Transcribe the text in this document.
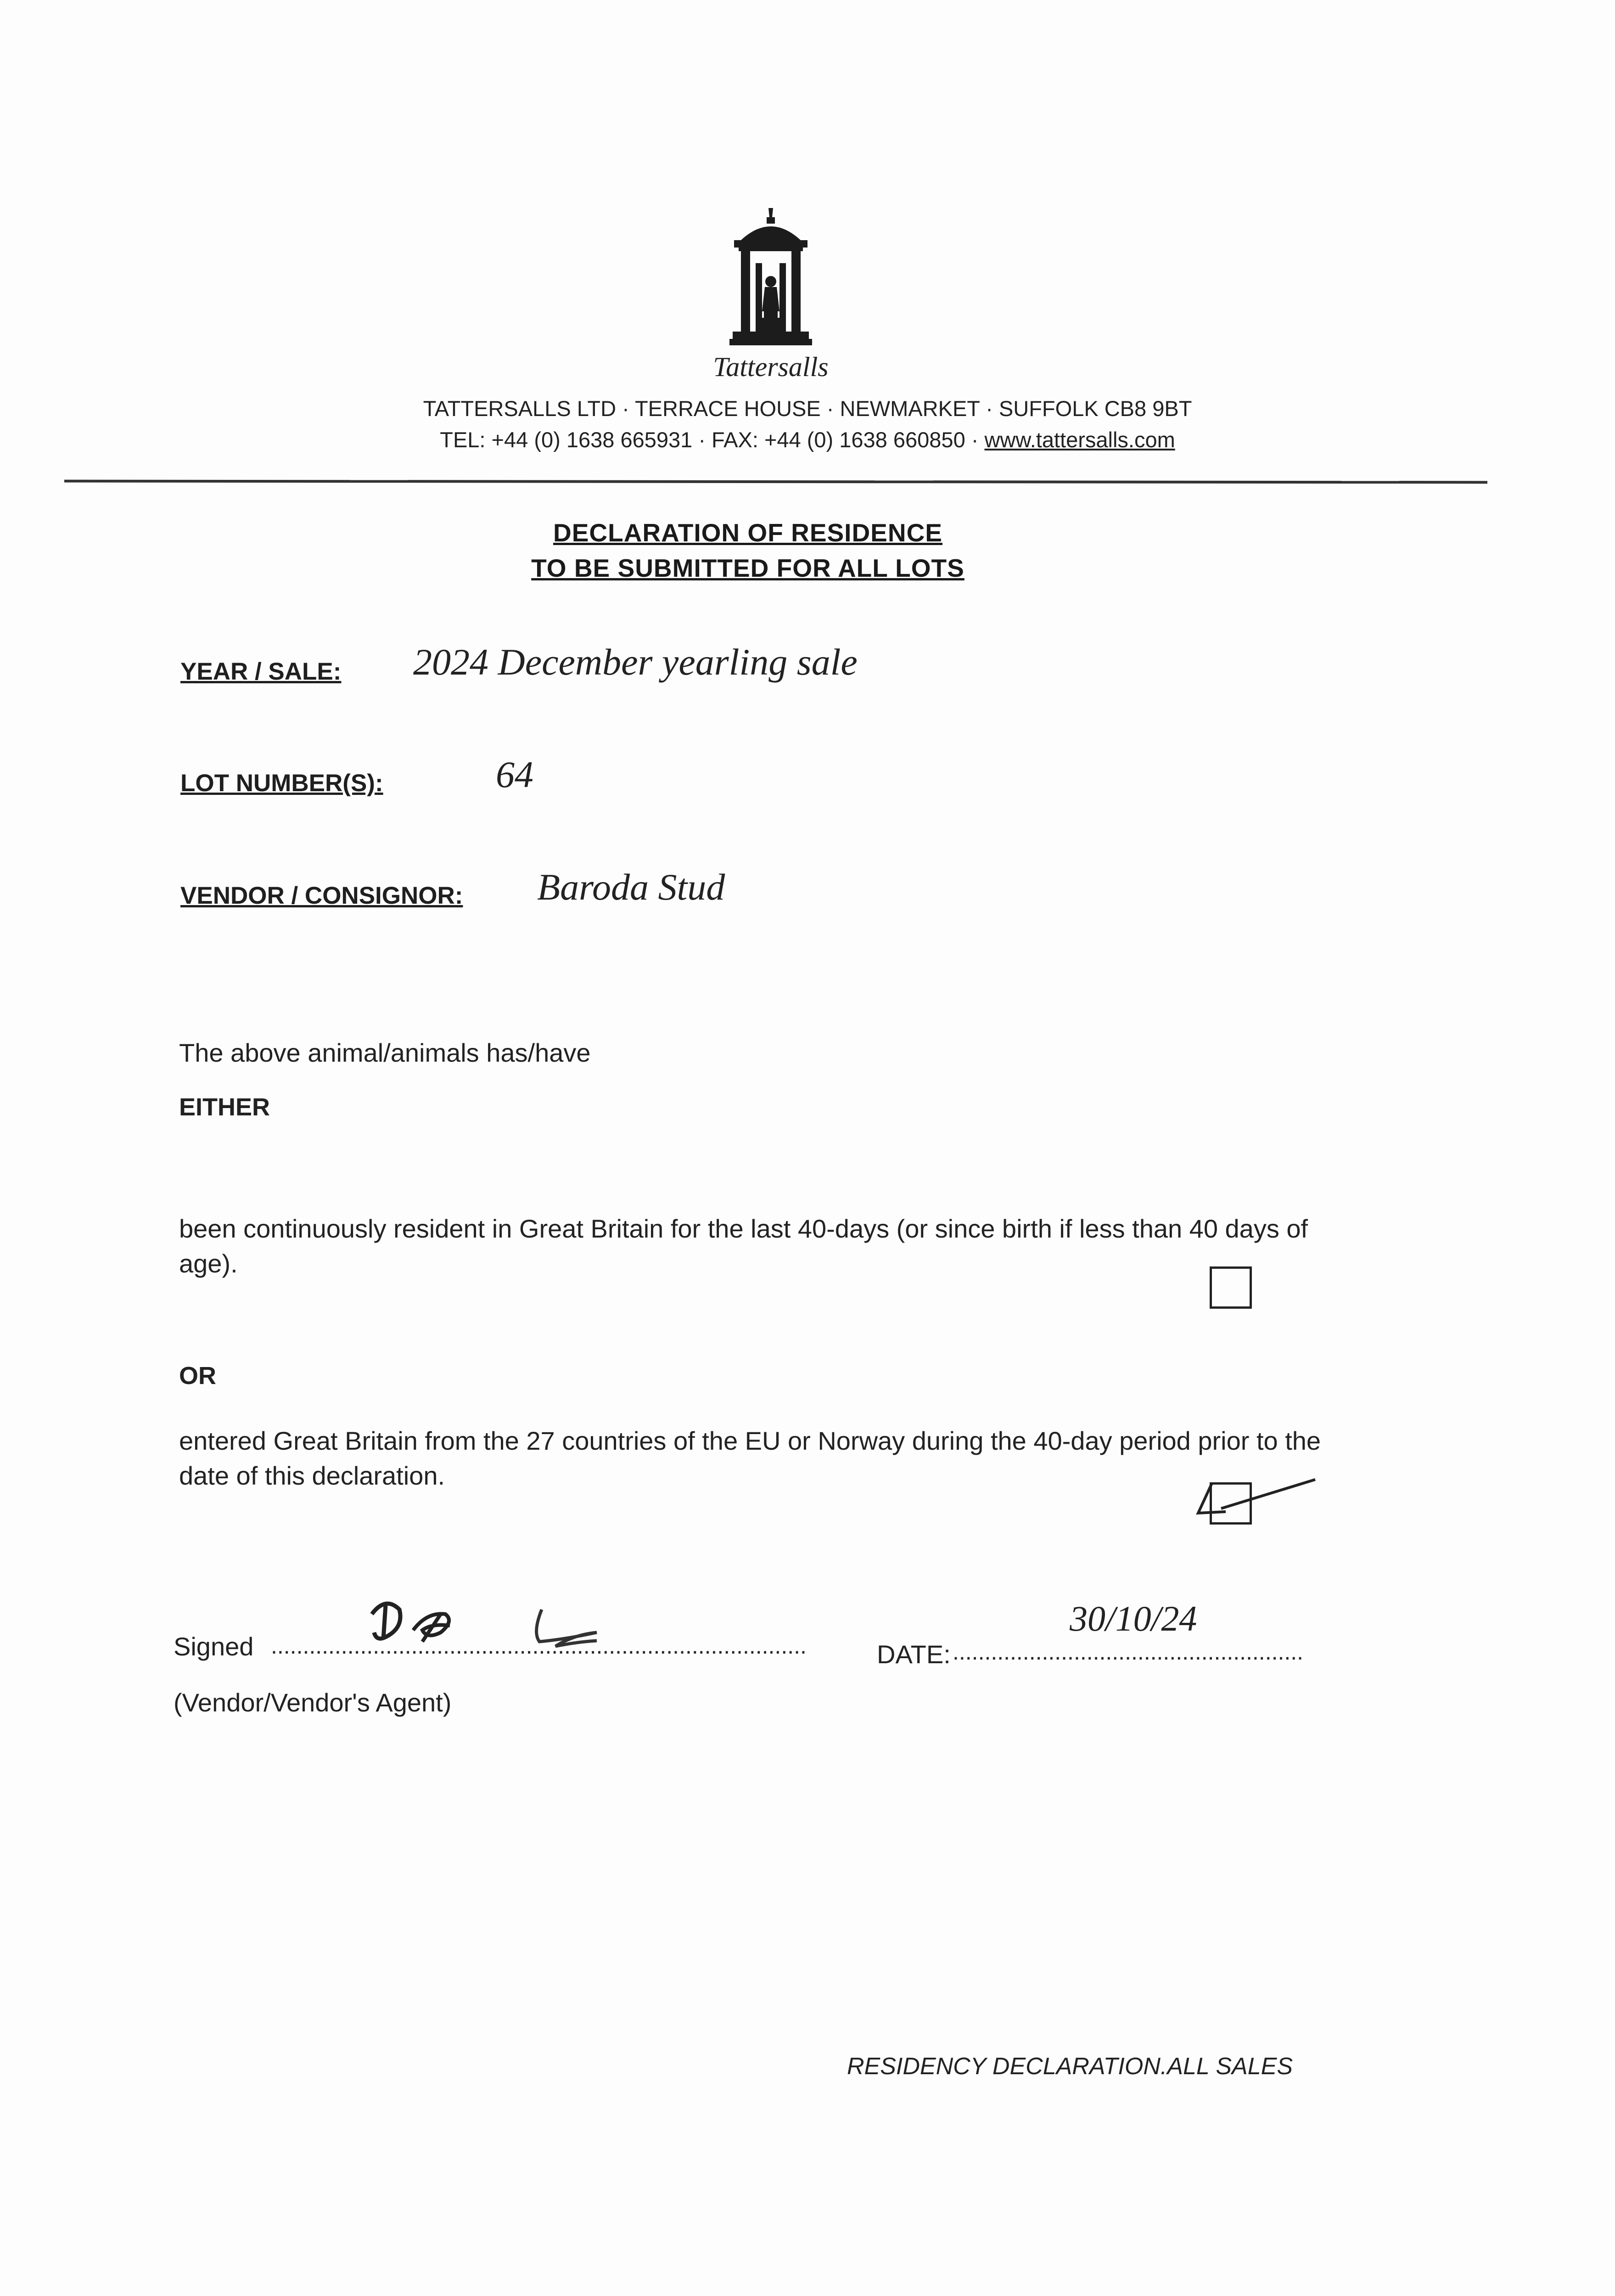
Tattersalls
TATTERSALLS LTD · TERRACE HOUSE · NEWMARKET · SUFFOLK CB8 9BT
TEL: +44 (0) 1638 665931 · FAX: +44 (0) 1638 660850 · www.tattersalls.com
DECLARATION OF RESIDENCE
TO BE SUBMITTED FOR ALL LOTS
YEAR / SALE: 2024 December yearling sale
LOT NUMBER(S):	64
VENDOR / CONSIGNOR: Baroda Stud
The above animal/animals has/have
EITHER
been continuously resident in Great Britain for the last 40-days (or since birth if less than 40 days of age).
OR
entered Great Britain from the 27 countries of the EU or Norway during the 40-day period prior to the date of this declaration.
Signed ....................................................................................
(Vendor/Vendor's Agent)
DATE: .......................................................
30/10/24
RESIDENCY DECLARATION.ALL SALES
